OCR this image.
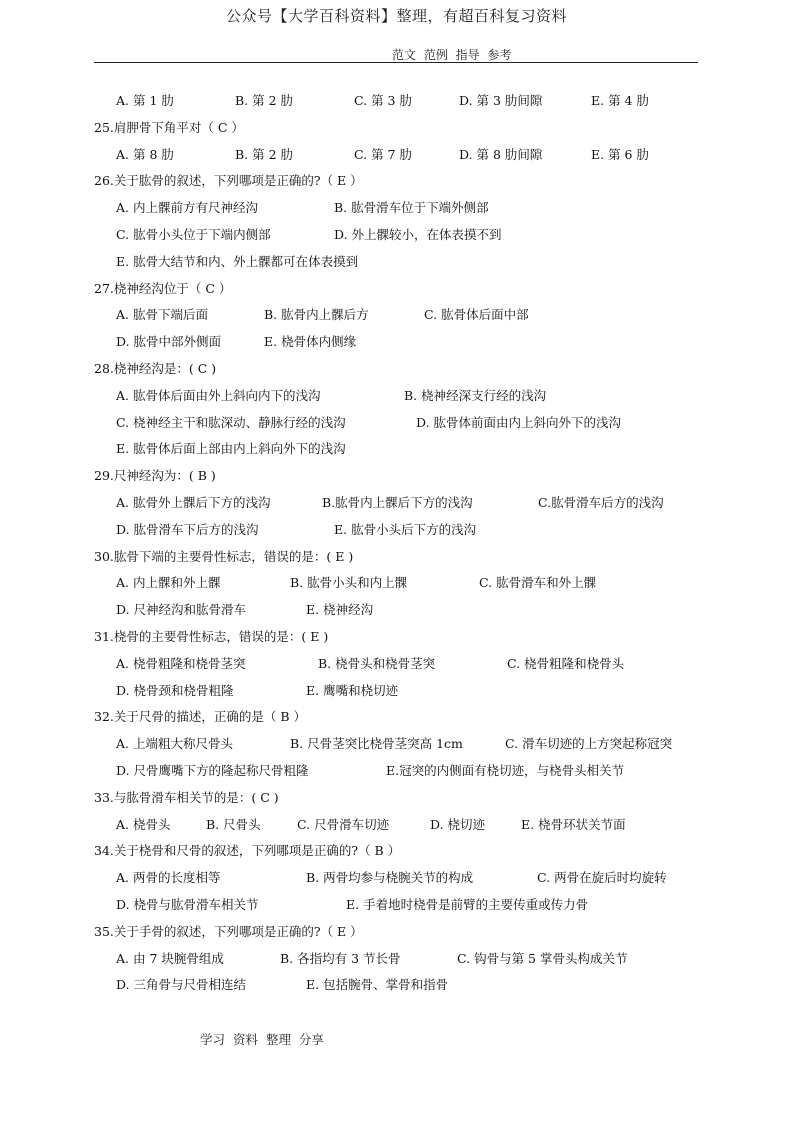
公众号【大学百科资料】整理，有超百科复习资料
范文 范例 指导 参考
A. 第 1 肋	B. 第 2 肋	C. 第 3 肋	D. 第 3 肋间隙	E. 第 4 肋
25.肩胛骨下角平对（ C ）
A. 第 8 肋	B. 第 2 肋	C. 第 7 肋	D. 第 8 肋间隙	E. 第 6 肋
26.关于肱骨的叙述，下列哪项是正确的?（ E ）
A. 内上髁前方有尺神经沟	B. 肱骨滑车位于下端外侧部
C. 肱骨小头位于下端内侧部	D. 外上髁较小，在体表摸不到
E. 肱骨大结节和内、外上髁都可在体表摸到
27.桡神经沟位于（ C ）
A. 肱骨下端后面	B. 肱骨内上髁后方	C. 肱骨体后面中部
D. 肱骨中部外侧面	E. 桡骨体内侧缘
28.桡神经沟是：( C )
A. 肱骨体后面由外上斜向内下的浅沟	B. 桡神经深支行经的浅沟
C. 桡神经主干和肱深动、静脉行经的浅沟	D. 肱骨体前面由内上斜向外下的浅沟
E. 肱骨体后面上部由内上斜向外下的浅沟
29.尺神经沟为：( B )
A. 肱骨外上髁后下方的浅沟	B.肱骨内上髁后下方的浅沟	C.肱骨滑车后方的浅沟
D. 肱骨滑车下后方的浅沟	E. 肱骨小头后下方的浅沟
30.肱骨下端的主要骨性标志，错误的是：( E )
A. 内上髁和外上髁	B. 肱骨小头和内上髁	C. 肱骨滑车和外上髁
D. 尺神经沟和肱骨滑车	E. 桡神经沟
31.桡骨的主要骨性标志，错误的是：( E )
A. 桡骨粗隆和桡骨茎突	B. 桡骨头和桡骨茎突	C. 桡骨粗隆和桡骨头
D. 桡骨颈和桡骨粗隆	E. 鹰嘴和桡切迹
32.关于尺骨的描述，正确的是（ B ）
A. 上端粗大称尺骨头	B. 尺骨茎突比桡骨茎突高 1cm	C. 滑车切迹的上方突起称冠突
D. 尺骨鹰嘴下方的隆起称尺骨粗隆	E.冠突的内侧面有桡切迹，与桡骨头相关节
33.与肱骨滑车相关节的是：( C )
A. 桡骨头	B. 尺骨头	C. 尺骨滑车切迹	D. 桡切迹	E. 桡骨环状关节面
34.关于桡骨和尺骨的叙述，下列哪项是正确的?（ B ）
A. 两骨的长度相等	B. 两骨均参与桡腕关节的构成	C. 两骨在旋后时均旋转
D. 桡骨与肱骨滑车相关节	E. 手着地时桡骨是前臂的主要传重或传力骨
35.关于手骨的叙述，下列哪项是正确的?（ E ）
A. 由 7 块腕骨组成	B. 各指均有 3 节长骨	C. 钩骨与第 5 掌骨头构成关节
D. 三角骨与尺骨相连结	E. 包括腕骨、掌骨和指骨
学习 资料 整理 分享
